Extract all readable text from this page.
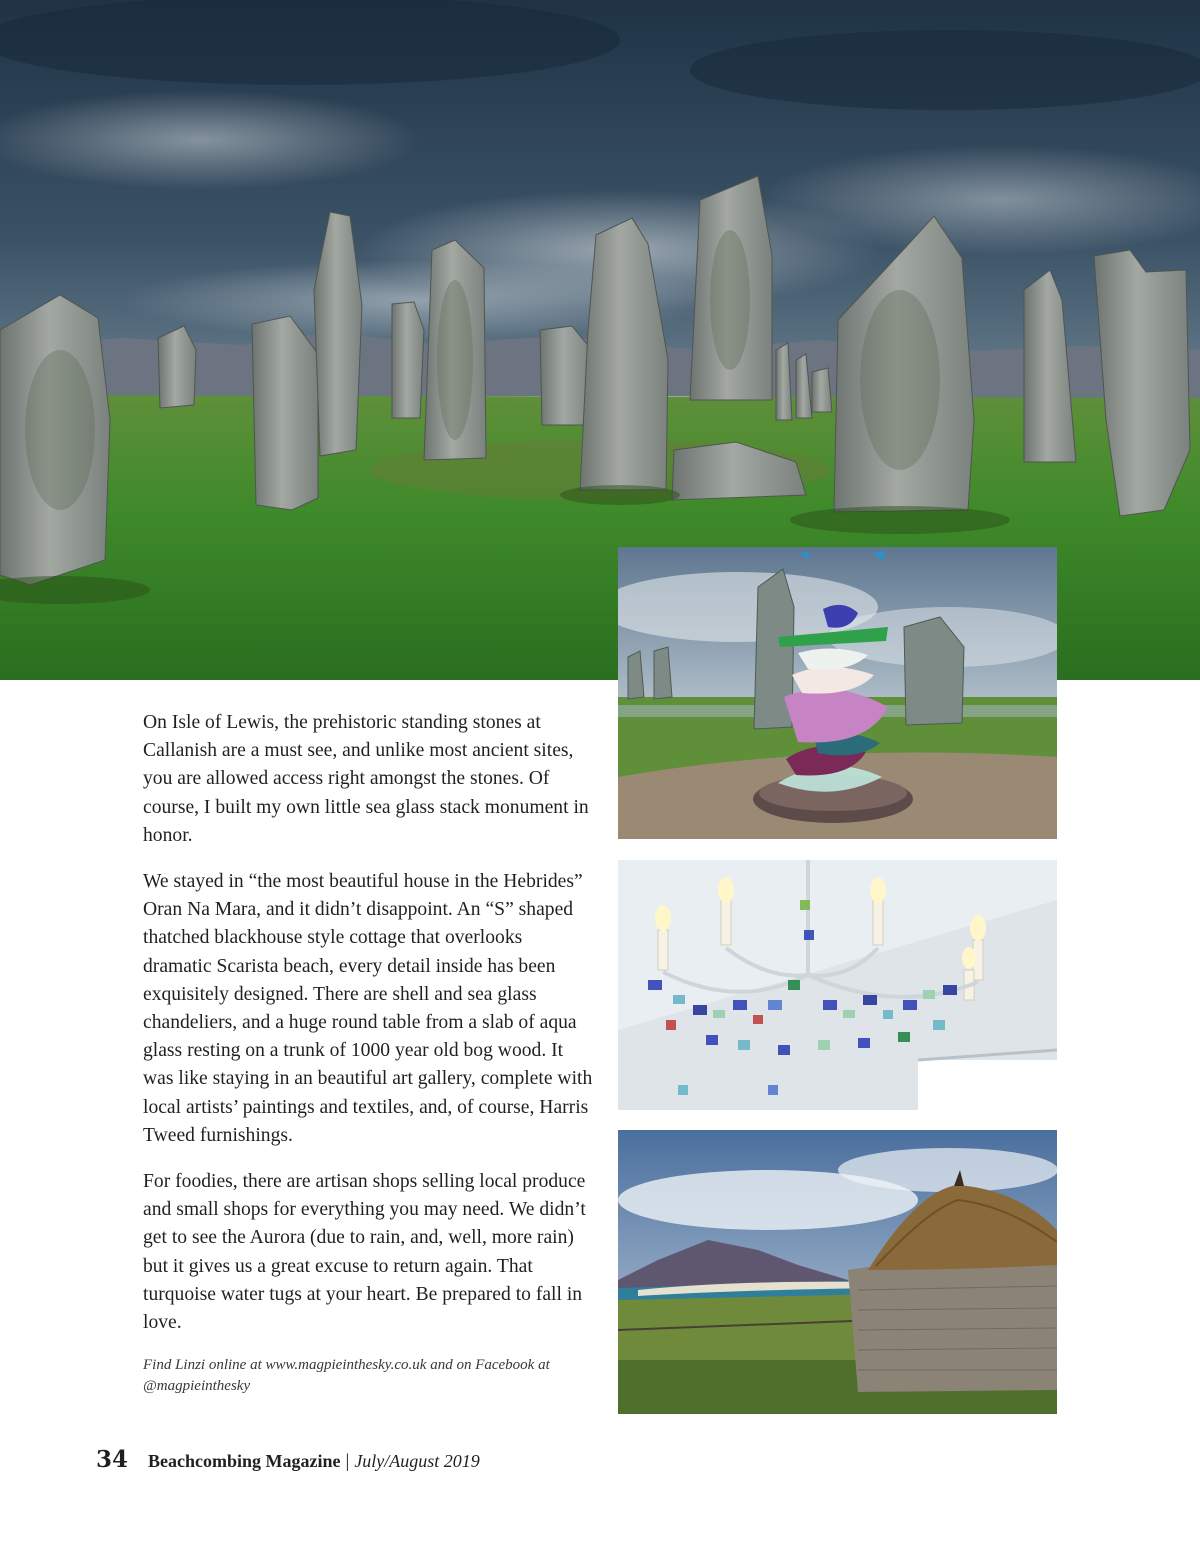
On Isle of Lewis, the prehistoric standing stones at Callanish are a must see, and unlike most ancient sites, you are allowed access right amongst the stones. Of course, I built my own little sea glass stack monument in honor.

We stayed in “the most beautiful house in the Hebrides” Oran Na Mara, and it didn’t disappoint. An “S” shaped thatched blackhouse style cottage that overlooks dramatic Scarista beach, every detail inside has been exquisitely designed. There are shell and sea glass chandeliers, and a huge round table from a slab of aqua glass resting on a trunk of 1000 year old bog wood. It was like staying in an beautiful art gallery, complete with local artists’ paintings and textiles, and, of course, Harris Tweed furnishings.

For foodies, there are artisan shops selling local produce and small shops for everything you may need. We didn’t get to see the Aurora (due to rain, and, well, more rain) but it gives us a great excuse to return again. That turquoise water tugs at your heart. Be prepared to fall in love.

Find Linzi online at www.magpieinthesky.co.uk and on Facebook at @magpieinthesky
34 Beachcombing Magazine | July/August 2019
